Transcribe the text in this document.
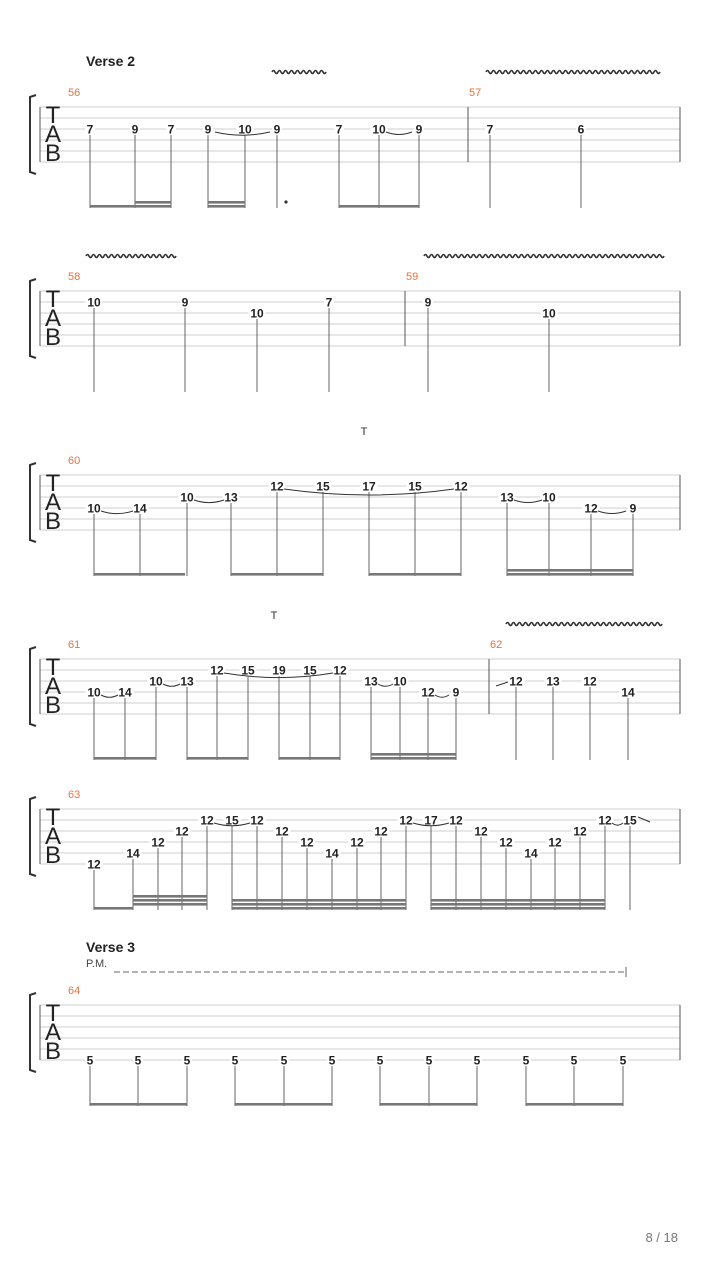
T
A
B
Verse 2
56
7	9 7	9 10 9	7 10 9
57
7	6
T
A
B
58
10	9
10
7
59
9
10
T
A
B
T
60
10	14
10	13
12	15	17	15	12
13 10
12	9
T
A
B
T
61
10 14
10 13
12 15 19 15 12
13 10
12 9
62
12 13 12
14
T
A
B
63
12
14
12
12
12 15 12
12
12
14
12
12
12 17 12
12
12
14
12
12
12 15
T
A
B
Verse 3
P.M.
64
5	5	5	5	5	5	5	5	5	5	5	5
8 / 18
